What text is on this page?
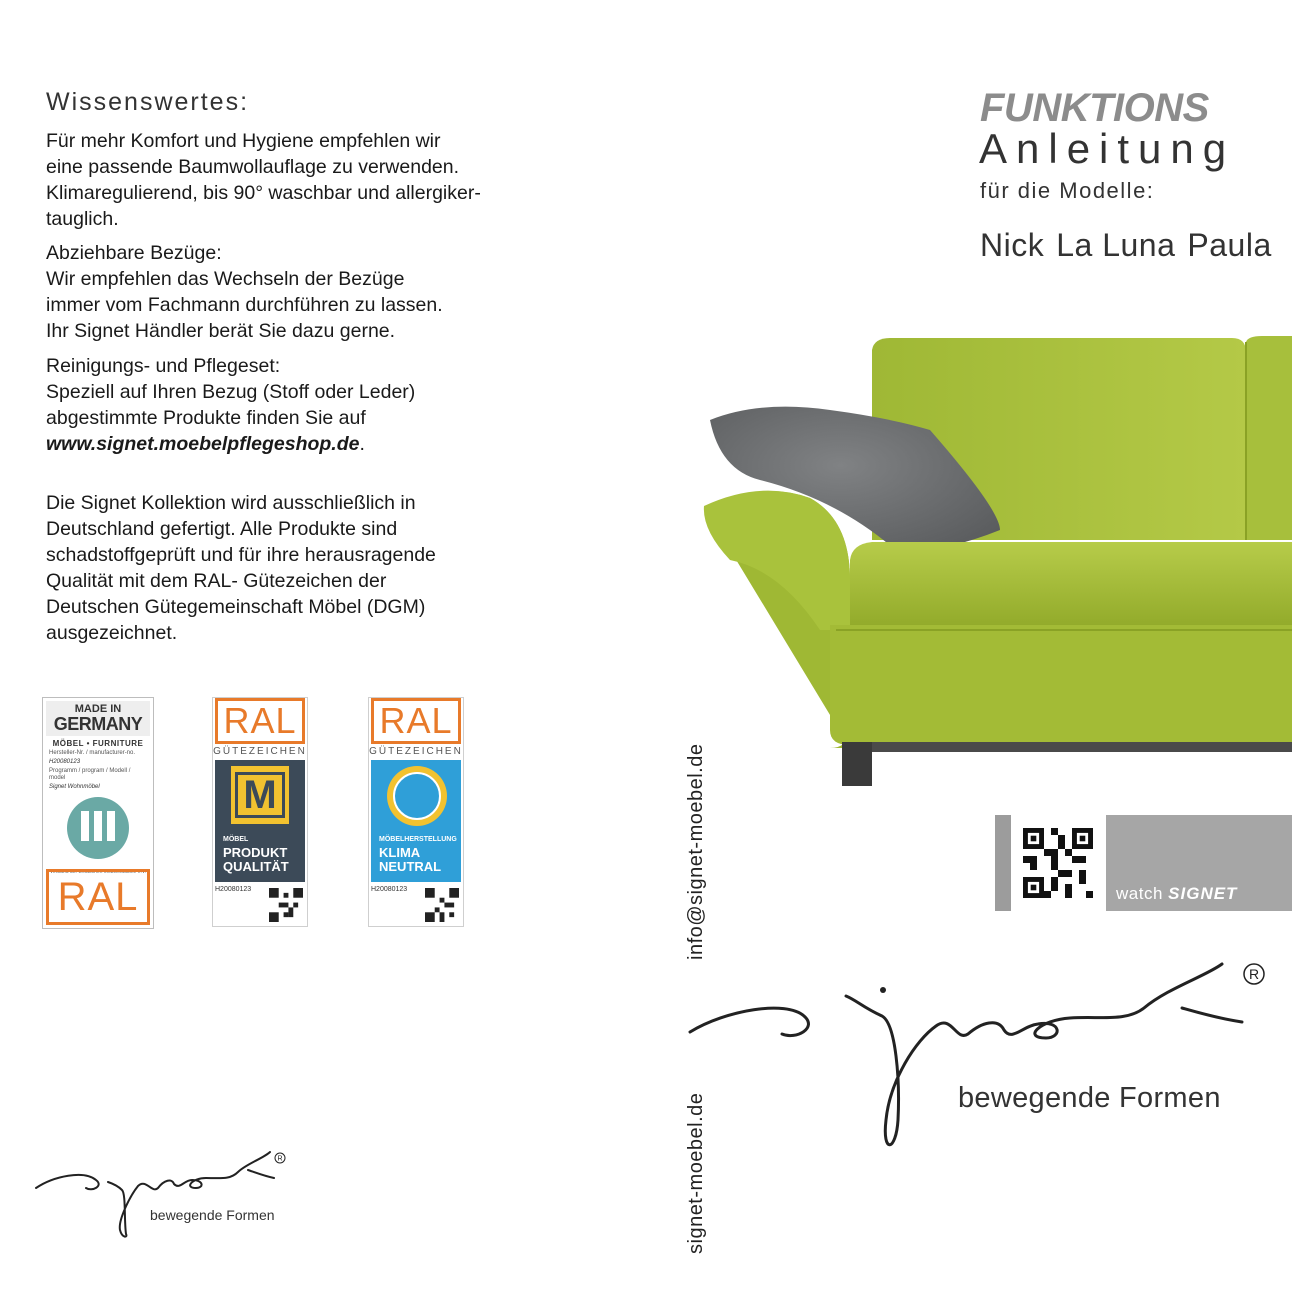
Wissenswertes:
Für mehr Komfort und Hygiene empfehlen wir
eine passende Baumwollauflage zu verwenden.
Klimaregulierend, bis 90° waschbar und allergiker-
tauglich.
Abziehbare Bezüge:
Wir empfehlen das Wechseln der Bezüge
immer vom Fachmann durchführen zu lassen.
Ihr Signet Händler berät Sie dazu gerne.
Reinigungs- und Pflegeset:
Speziell auf Ihren Bezug (Stoff oder Leder)
abgestimmte Produkte finden Sie auf
www.signet.moebelpflegeshop.de.
Die Signet Kollektion wird ausschließlich in
Deutschland gefertigt. Alle Produkte sind
schadstoffgeprüft und für ihre herausragende
Qualität mit dem RAL- Gütezeichen der
Deutschen Gütegemeinschaft Möbel (DGM)
ausgezeichnet.
MADE IN
GERMANY
MÖBEL • FURNITURE
Hersteller-Nr. / manufacturer-no.
H20080123
Programm / program / Modell / model
Signet Wohnmöbel
Verband der Deutschen Möbelindustrie e.V.
RAL
RAL
GÜTEZEICHEN
M
MÖBEL
PRODUKT
QUALITÄT
H20080123
RAL
GÜTEZEICHEN
MÖBELHERSTELLUNG
KLIMA
NEUTRAL
H20080123
R
bewegende Formen
info@signet-moebel.de
signet-moebel.de
FUNKTIONS
Anleitung
für die Modelle:
Nick La Luna Paula
watch SIGNET
R
bewegende Formen
